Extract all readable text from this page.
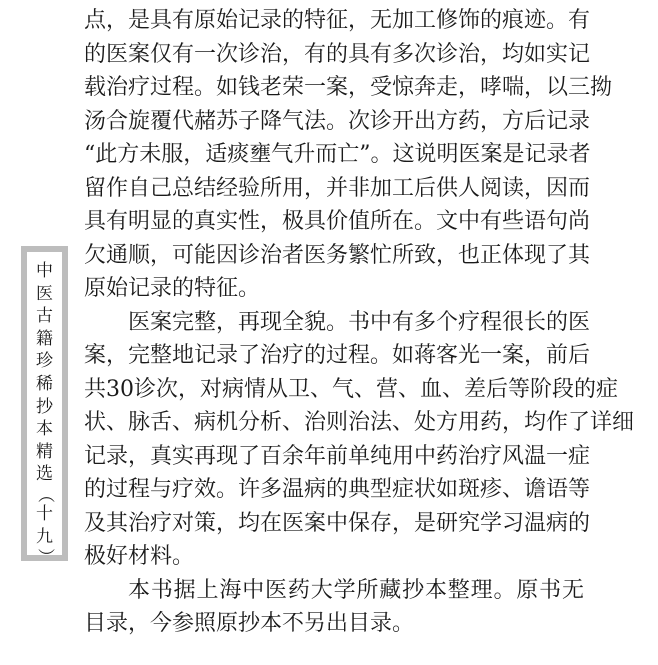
点，是具有原始记录的特征，无加工修饰的痕迹。有
的医案仅有一次诊治，有的具有多次诊治，均如实记
载治疗过程。如钱老荣一案，受惊奔走，哮喘，以三拗
汤合旋覆代赭苏子降气法。次诊开出方药，方后记录
“此方未服，适痰壅气升而亡”。这说明医案是记录者
留作自己总结经验所用，并非加工后供人阅读，因而
具有明显的真实性，极具价值所在。文中有些语句尚
欠通顺，可能因诊治者医务繁忙所致，也正体现了其
原始记录的特征。
医案完整，再现全貌。书中有多个疗程很长的医
案，完整地记录了治疗的过程。如蒋客光一案，前后
共30诊次，对病情从卫、气、营、血、差后等阶段的症
状、脉舌、病机分析、治则治法、处方用药，均作了详细
记录，真实再现了百余年前单纯用中药治疗风温一症
的过程与疗效。许多温病的典型症状如斑疹、谵语等
及其治疗对策，均在医案中保存，是研究学习温病的
极好材料。
本书据上海中医药大学所藏抄本整理。原书无
目录，今参照原抄本不另出目录。
中
医
古
籍
珍
稀
抄
本
精
选
（
十
九
）
